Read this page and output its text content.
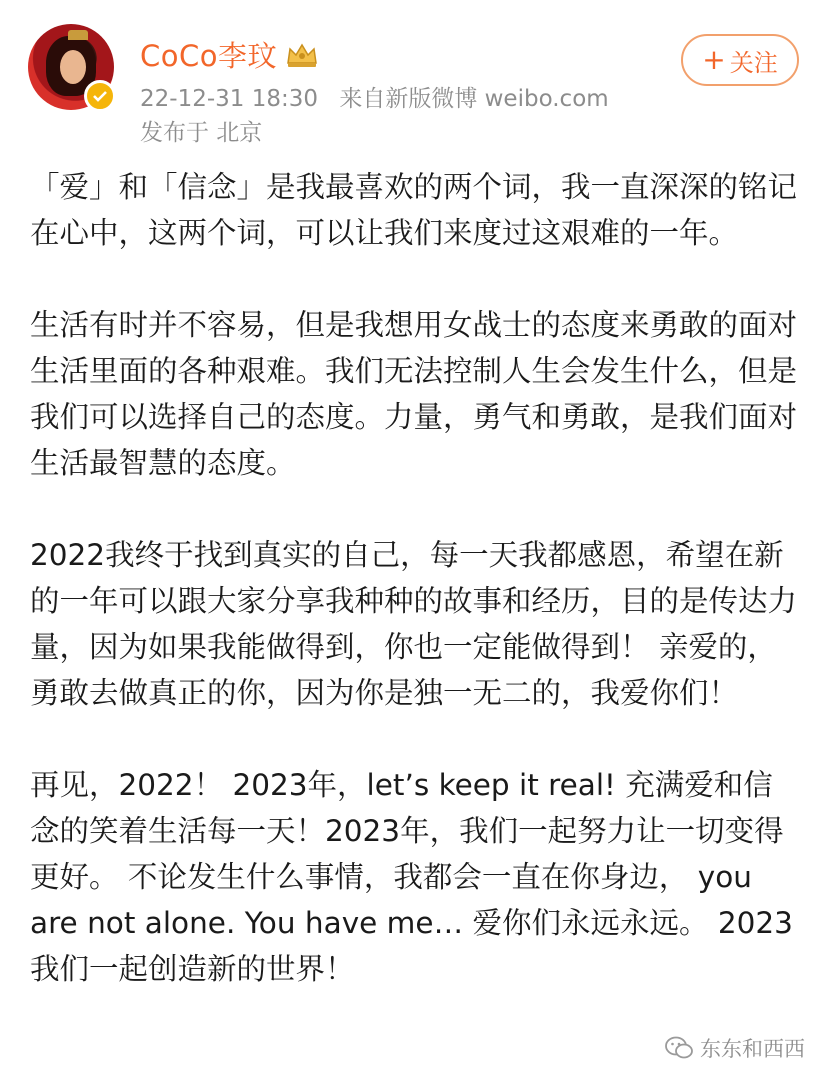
CoCo李玟
22-12-31 18:30 来自新版微博 weibo.com
发布于 北京
+ 关注

「爱」和「信念」是我最喜欢的两个词，我一直深深的铭记在心中，这两个词，可以让我们来度过这艰难的一年。

生活有时并不容易，但是我想用女战士的态度来勇敢的面对生活里面的各种艰难。我们无法控制人生会发生什么，但是我们可以选择自己的态度。力量，勇气和勇敢，是我们面对生活最智慧的态度。

2022我终于找到真实的自己，每一天我都感恩，希望在新的一年可以跟大家分享我种种的故事和经历，目的是传达力量，因为如果我能做得到，你也一定能做得到！ 亲爱的， 勇敢去做真正的你，因为你是独一无二的，我爱你们！

再见，2022！ 2023年，let’s keep it real! 充满爱和信念的笑着生活每一天！2023年，我们一起努力让一切变得更好。 不论发生什么事情，我都会一直在你身边， you are not alone. You have me… 爱你们永远永远。 2023我们一起创造新的世界！

东东和西西
